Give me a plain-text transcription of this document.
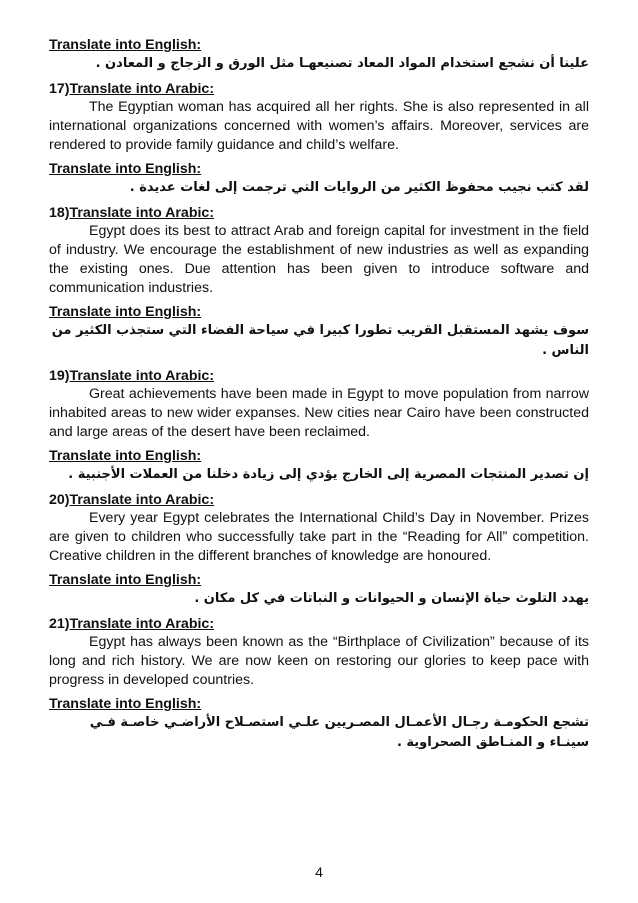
Translate into English:

علينا أن نشجع استخدام المواد المعاد تصنيعهـا مثل الورق و الزجاج و المعادن .

17)Translate into Arabic:

The Egyptian woman has acquired all her rights. She is also represented in all international organizations concerned with women’s affairs. Moreover, services are rendered to provide family guidance and child’s welfare.

Translate into English:

لقد كتب نجيب محفوظ الكثير من الروايات التي ترجمت إلى لغات عديدة .

18)Translate into Arabic:

Egypt does its best to attract Arab and foreign capital for investment in the field of industry. We encourage the establishment of new industries as well as expanding the existing ones. Due attention has been given to introduce software and communication industries.

Translate into English:

سوف يشهد المستقبل القريب تطورا كبيرا في سياحة الفضاء التي ستجذب الكثير من الناس .

19)Translate into Arabic:

Great achievements have been made in Egypt to move population from narrow inhabited areas to new wider expanses. New cities near Cairo have been constructed and large areas of the desert have been reclaimed.

Translate into English:

إن تصدير المنتجات المصرية إلى الخارج يؤدي إلى زيادة دخلنا من العملات الأجنبية .

20)Translate into Arabic:

Every year Egypt celebrates the International Child’s Day in November. Prizes are given to children who successfully take part in the “Reading for All” competition. Creative children in the different branches of knowledge are honoured.

Translate into English:

يهدد التلوث حياة الإنسان و الحيوانات و النباتات في كل مكان .

21)Translate into Arabic:

Egypt has always been known as the “Birthplace of Civilization” because of its long and rich history. We are now keen on restoring our glories to keep pace with progress in developed countries.

Translate into English:

تشجع الحكومـة رجـال الأعمـال المصـريين علـي استصـلاح الأراضـي خاصـة فـي سينـاء و المنـاطق الصحراوية .

4
